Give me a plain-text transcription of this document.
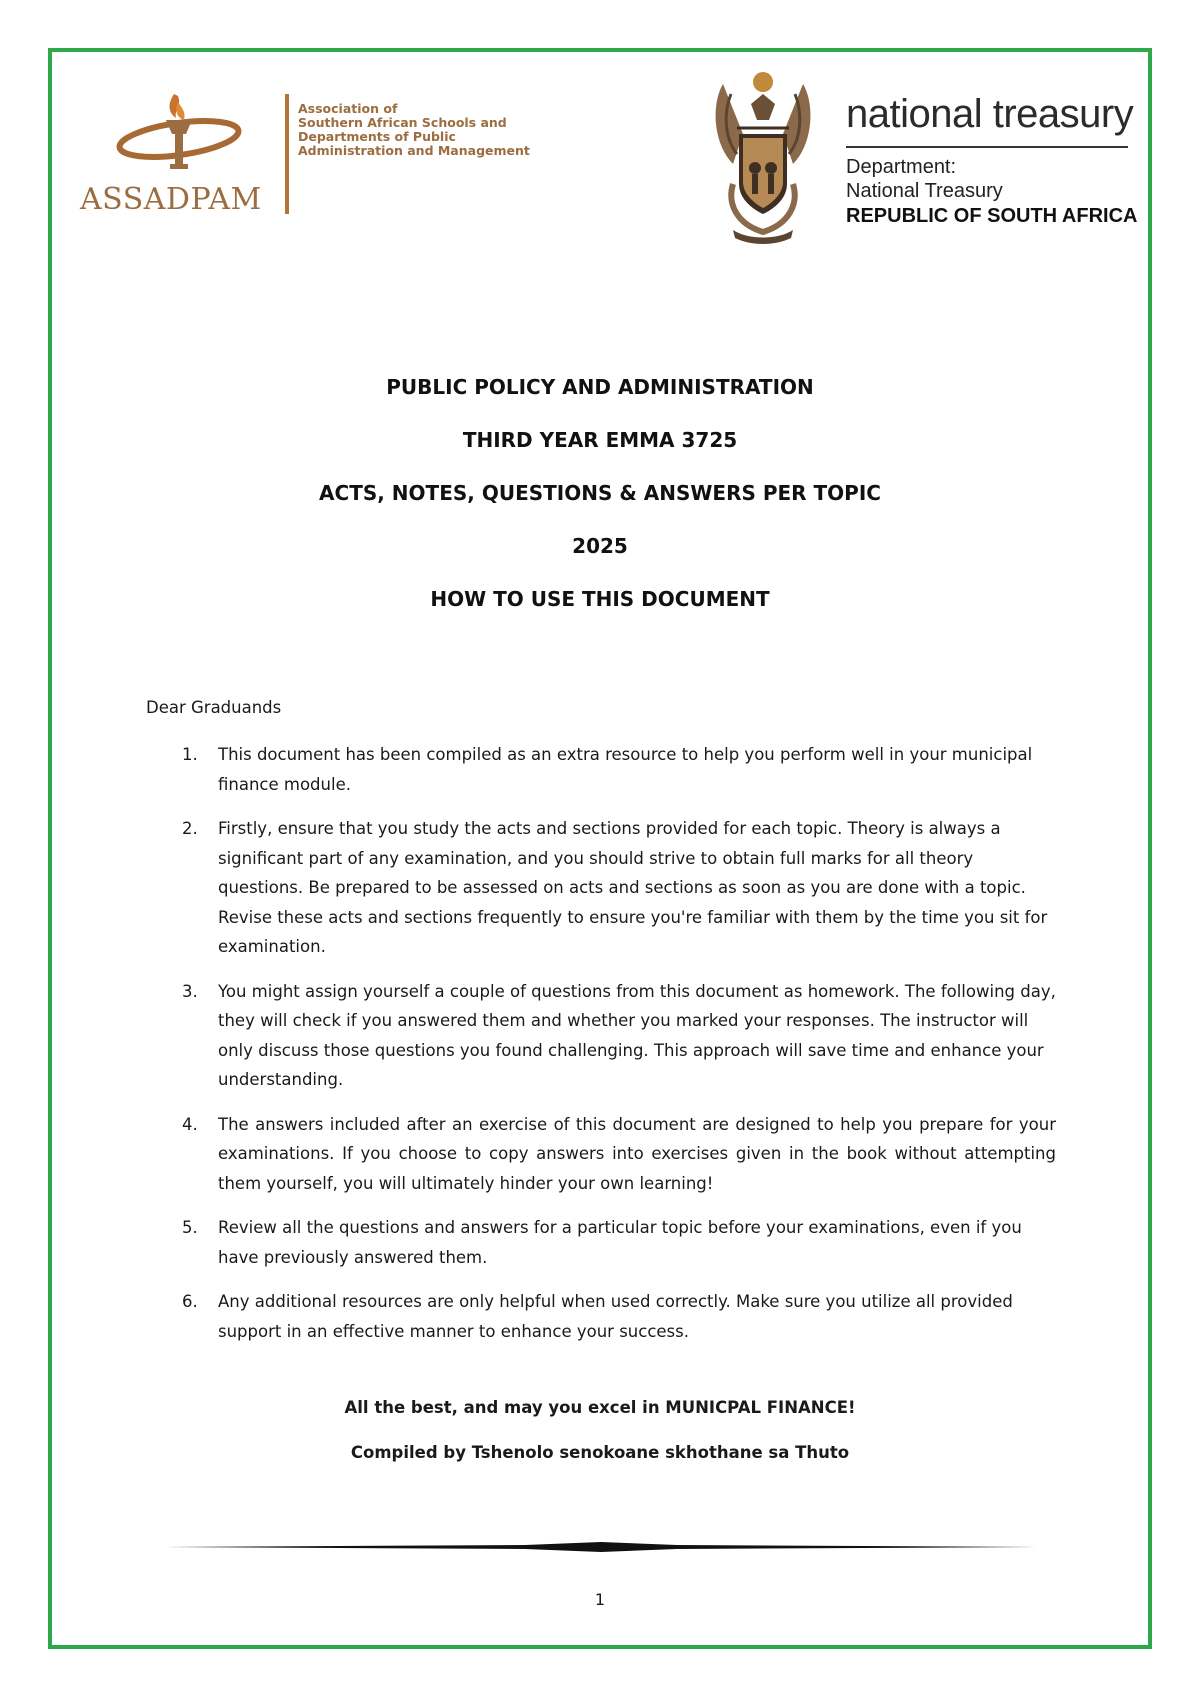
ASSADPAM
Association of
Southern African Schools and
Departments of Public
Administration and Management
national treasury
Department:
National Treasury
REPUBLIC OF SOUTH AFRICA
PUBLIC POLICY AND ADMINISTRATION
THIRD YEAR EMMA 3725
ACTS, NOTES, QUESTIONS & ANSWERS PER TOPIC
2025
HOW TO USE THIS DOCUMENT
Dear Graduands
1. This document has been compiled as an extra resource to help you perform well in your municipal finance module.
2. Firstly, ensure that you study the acts and sections provided for each topic. Theory is always a significant part of any examination, and you should strive to obtain full marks for all theory questions. Be prepared to be assessed on acts and sections as soon as you are done with a topic. Revise these acts and sections frequently to ensure you're familiar with them by the time you sit for examination.
3. You might assign yourself a couple of questions from this document as homework. The following day, they will check if you answered them and whether you marked your responses. The instructor will only discuss those questions you found challenging. This approach will save time and enhance your understanding.
4. The answers included after an exercise of this document are designed to help you prepare for your examinations. If you choose to copy answers into exercises given in the book without attempting them yourself, you will ultimately hinder your own learning!
5. Review all the questions and answers for a particular topic before your examinations, even if you have previously answered them.
6. Any additional resources are only helpful when used correctly. Make sure you utilize all provided support in an effective manner to enhance your success.
All the best, and may you excel in MUNICPAL FINANCE!
Compiled by Tshenolo senokoane skhothane sa Thuto
1
